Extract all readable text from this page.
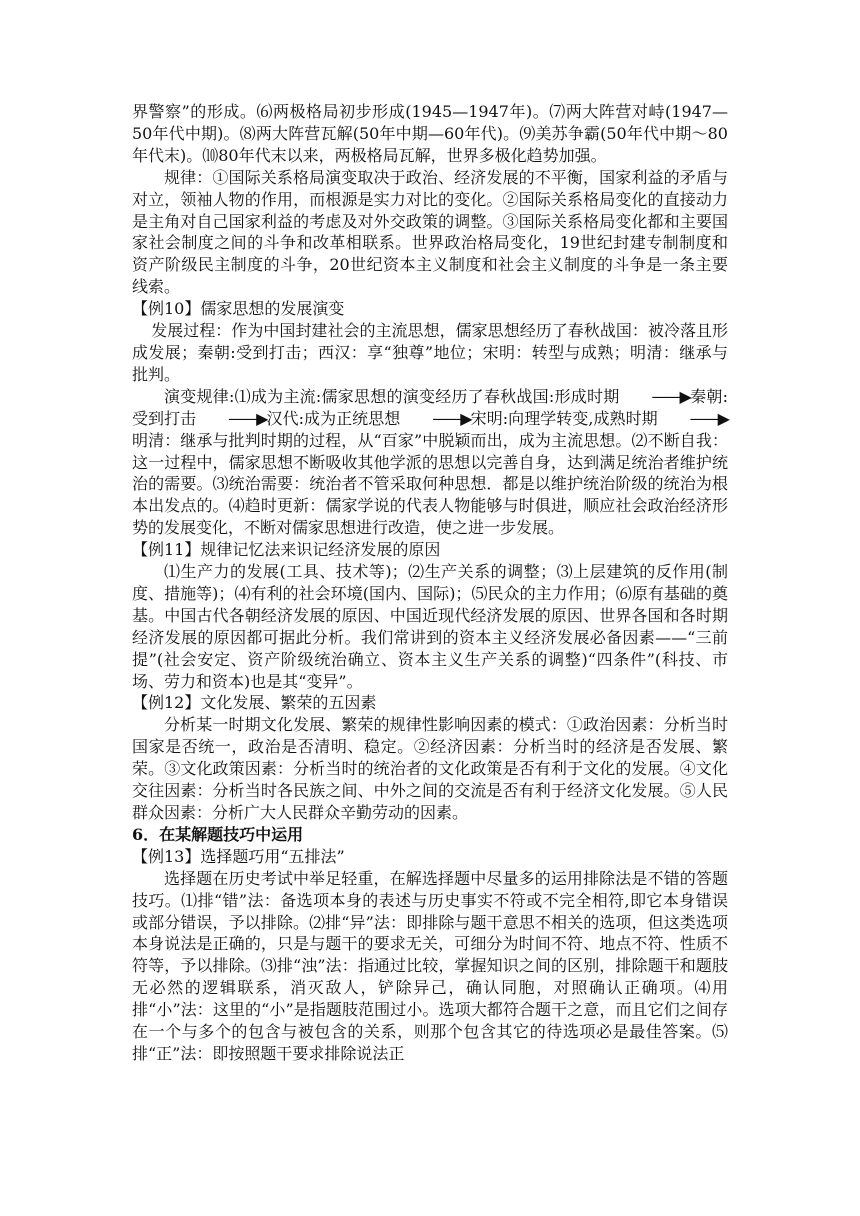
界警察”的形成。⑹两极格局初步形成(1945—1947年)。⑺两大阵营对峙(1947—50年代中期)。⑻两大阵营瓦解(50年中期—60年代)。⑼美苏争霸(50年代中期～80年代末)。⑽80年代末以来，两极格局瓦解，世界多极化趋势加强。

规律：①国际关系格局演变取决于政治、经济发展的不平衡，国家利益的矛盾与对立，领袖人物的作用，而根源是实力对比的变化。②国际关系格局变化的直接动力是主角对自己国家利益的考虑及对外交政策的调整。③国际关系格局变化都和主要国家社会制度之间的斗争和改革相联系。世界政治格局变化，19世纪封建专制制度和资产阶级民主制度的斗争，20世纪资本主义制度和社会主义制度的斗争是一条主要线索。

【例10】儒家思想的发展演变

发展过程：作为中国封建社会的主流思想，儒家思想经历了春秋战国：被冷落且形成发展；秦朝:受到打击；西汉：享“独尊”地位；宋明：转型与成熟；明清：继承与批判。

演变规律:⑴成为主流:儒家思想的演变经历了春秋战国:形成时期 ——▶秦朝:受到打击 ——▶汉代:成为正统思想 ——▶宋明:向理学转变,成熟时期 ——▶明清：继承与批判时期的过程，从“百家”中脱颖而出，成为主流思想。⑵不断自我：这一过程中，儒家思想不断吸收其他学派的思想以完善自身，达到满足统治者维护统治的需要。⑶统治需要：统治者不管采取何种思想．都是以维护统治阶级的统治为根本出发点的。⑷趋时更新：儒家学说的代表人物能够与时俱进，顺应社会政治经济形势的发展变化，不断对儒家思想进行改造，使之进一步发展。

【例11】规律记忆法来识记经济发展的原因

⑴生产力的发展(工具、技术等)；⑵生产关系的调整；⑶上层建筑的反作用(制度、措施等)；⑷有利的社会环境(国内、国际)；⑸民众的主力作用；⑹原有基础的奠基。中国古代各朝经济发展的原因、中国近现代经济发展的原因、世界各国和各时期经济发展的原因都可据此分析。我们常讲到的资本主义经济发展必备因素——“三前提”(社会安定、资产阶级统治确立、资本主义生产关系的调整)“四条件”(科技、市场、劳力和资本)也是其“变异”。

【例12】文化发展、繁荣的五因素

分析某一时期文化发展、繁荣的规律性影响因素的模式：①政治因素：分析当时国家是否统一，政治是否清明、稳定。②经济因素：分析当时的经济是否发展、繁荣。③文化政策因素：分析当时的统治者的文化政策是否有利于文化的发展。④文化交往因素：分析当时各民族之间、中外之间的交流是否有利于经济文化发展。⑤人民群众因素：分析广大人民群众辛勤劳动的因素。

6．在某解题技巧中运用

【例13】选择题巧用“五排法”

选择题在历史考试中举足轻重，在解选择题中尽量多的运用排除法是不错的答题技巧。⑴排“错”法：备选项本身的表述与历史事实不符或不完全相符,即它本身错误或部分错误，予以排除。⑵排“异”法：即排除与题干意思不相关的选项，但这类选项本身说法是正确的，只是与题干的要求无关，可细分为时间不符、地点不符、性质不符等，予以排除。⑶排“浊”法：指通过比较，掌握知识之间的区别，排除题干和题肢无必然的逻辑联系，消灭敌人，铲除异己，确认同胞，对照确认正确项。⑷用排“小”法：这里的“小”是指题肢范围过小。选项大都符合题干之意，而且它们之间存在一个与多个的包含与被包含的关系，则那个包含其它的待选项必是最佳答案。⑸排“正”法：即按照题干要求排除说法正
